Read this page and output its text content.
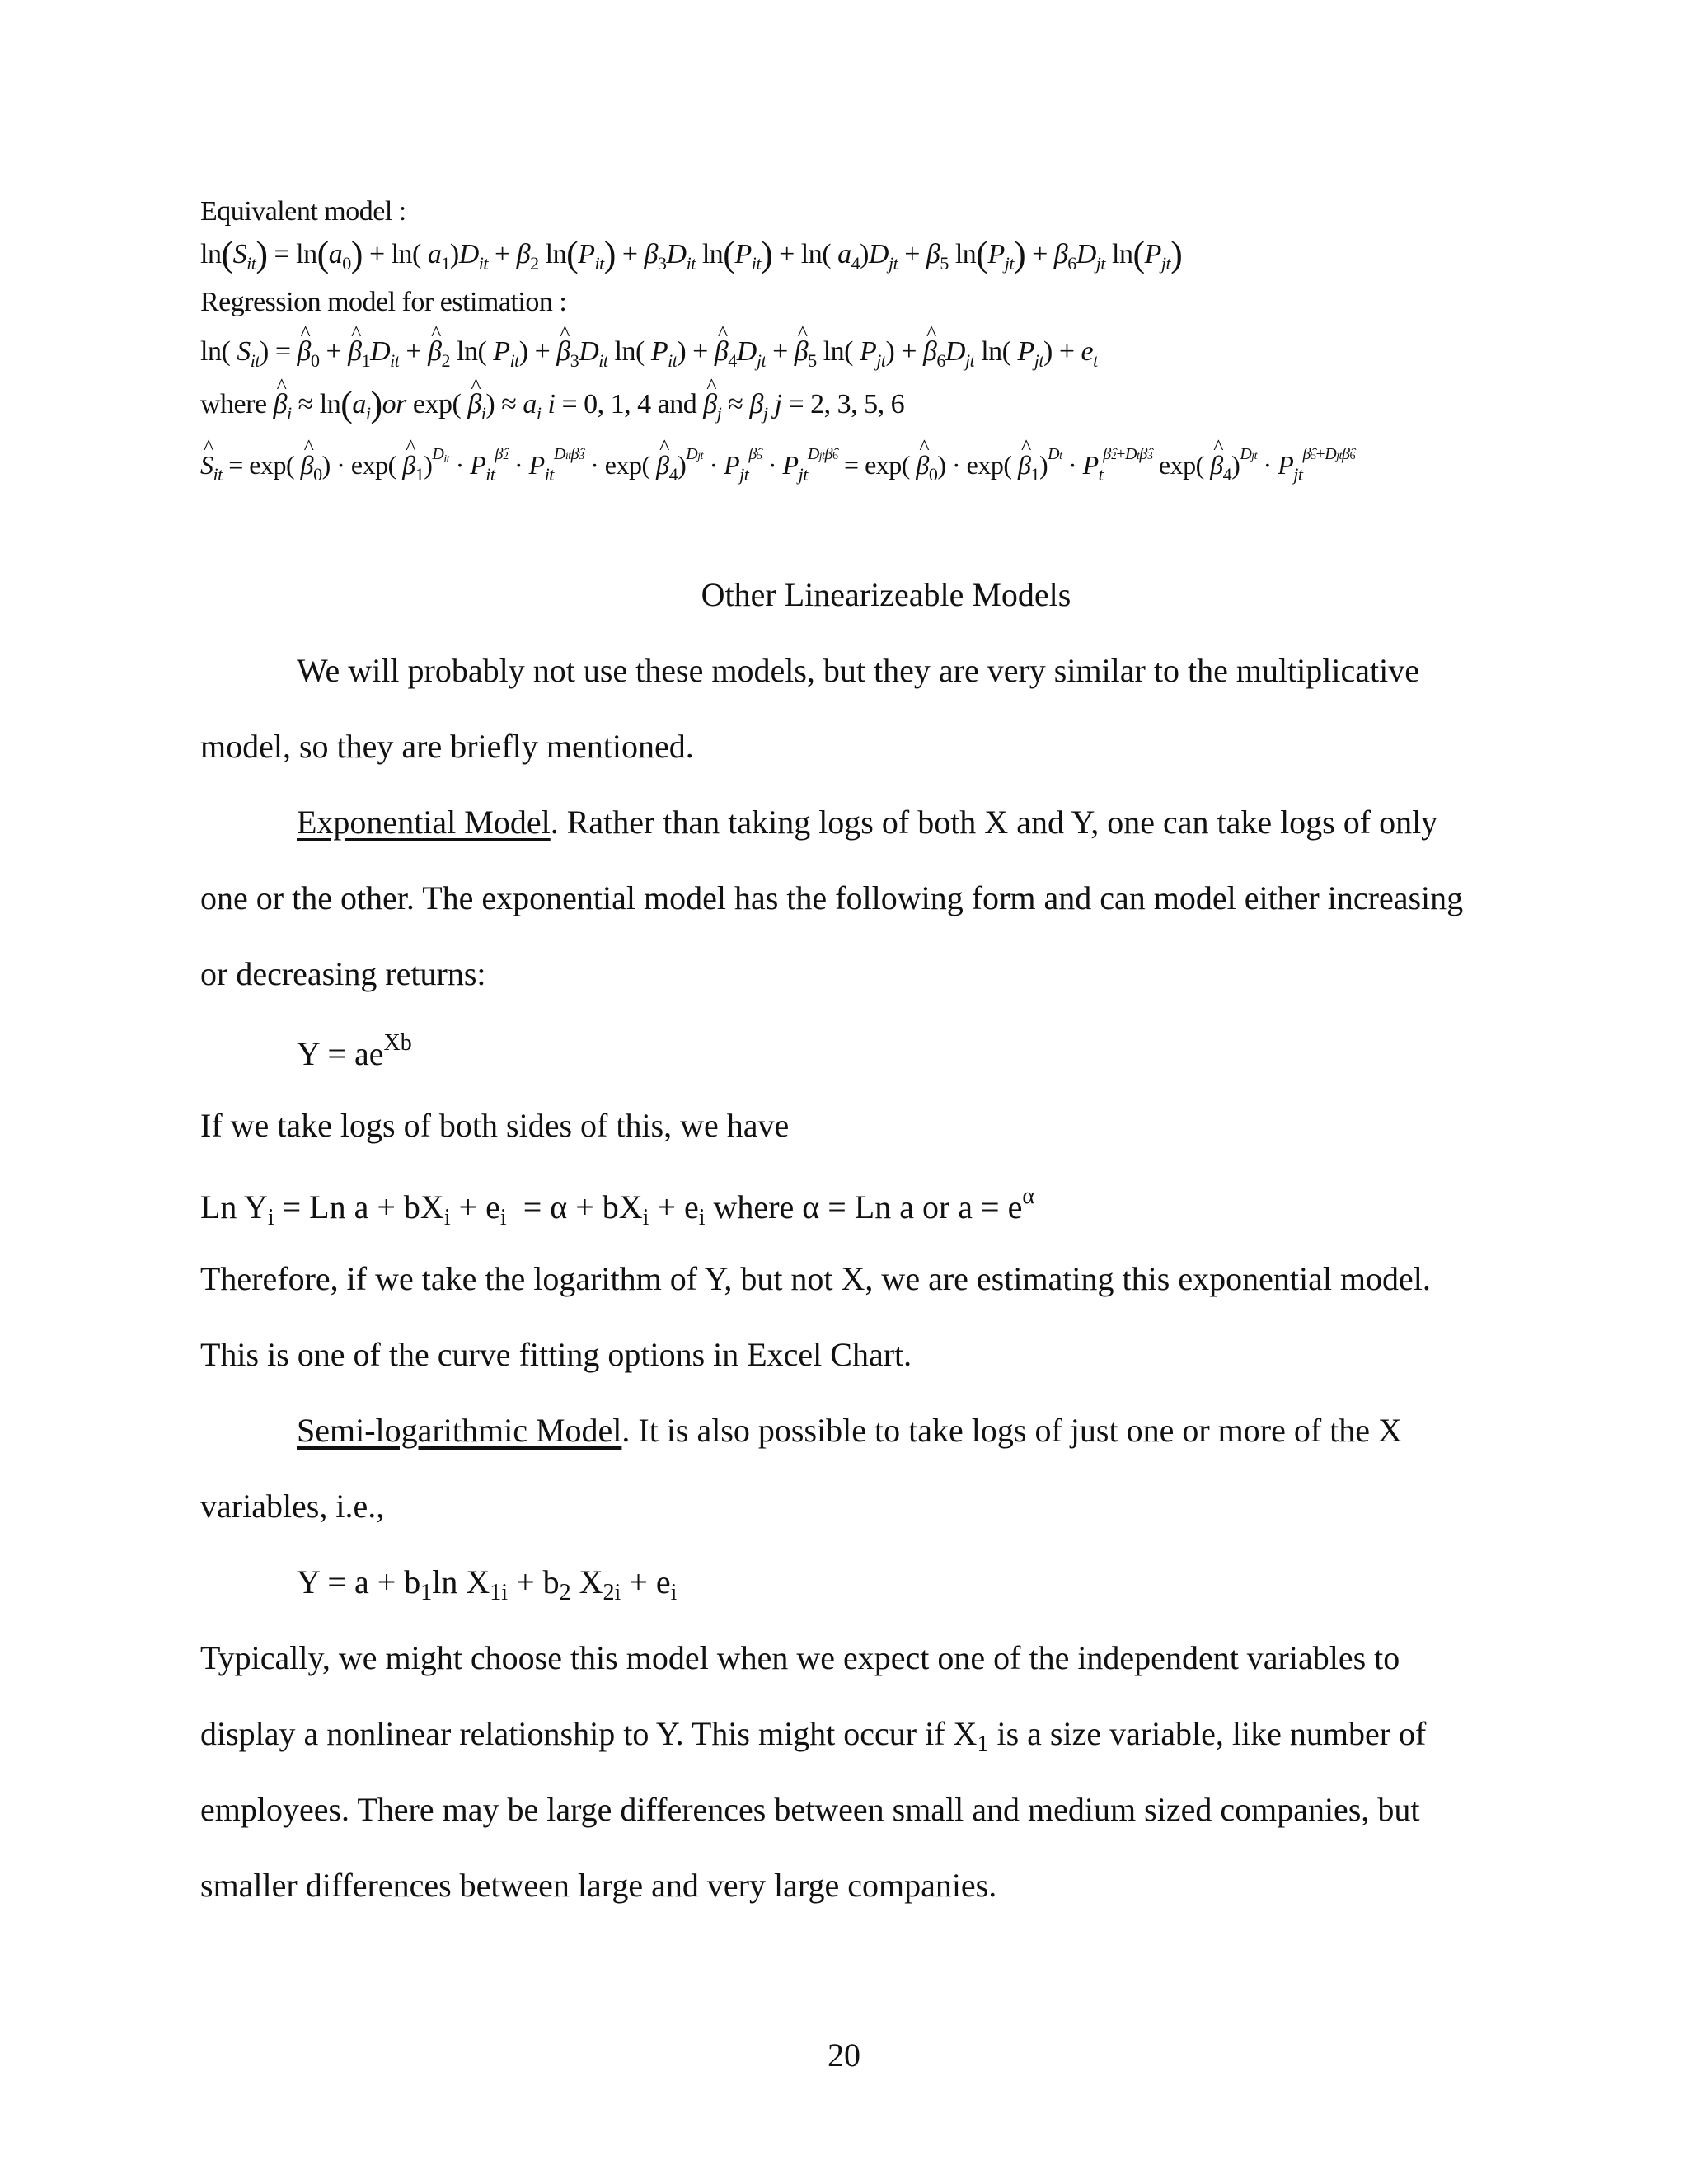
Equivalent model :
$\ln(S_{it}) = \ln(a_0) + \ln$( $a_1)D_{it} + \beta_2$ $\ln(P_{it}) + \beta_3D_{it}$ $\ln(P_{it}) + \ln$( $a_4)D_{jt} + \beta_5$ $\ln(P_{jt}) + \beta_6D_{jt}$ $\ln(P_{jt})$
Regression model for estimation :
ln( $S_{it}$) = ^ $\beta_0$ + ^ $\beta_1D_{it}$ + ^ $\beta_2$ ln( $P_{it}$) + ^ $\beta_3D_{it}$ ln( $P_{it}$) + ^ $\beta_4D_{jt}$ + ^ $\beta_5$ ln( $P_{jt}$) + ^ $\beta_6D_{jt}$ ln( $P_{jt}) + e_t$
where ^ $\beta_i \approx \ln(a_i)or$ exp( ^ $\beta_i) \approx a_i$ i = 0, 1, 4 and ^ $\beta_j \approx \beta_j$ j = 2, 3, 5, 6
^ $S_{it} = \exp$( ^ $\beta_0) \cdot \exp$( ^ $\beta_1)^{D_{it}} \cdot P_{it}^{\betâ2} \cdot P_{it}^{Dit\betâ3} \cdot \exp$( ^ $\beta_4)^{Djt} \cdot P_{jt}^{\betâ5} \cdot P_{jt}^{Djt\betâ6} = \exp$( ^ $\beta_0) \cdot \exp$( ^ $\beta_1)^{Dt} \cdot P_t^{\betâ2+Dt\betâ3}$ exp( ^ $\beta_4)^{Djt} \cdot P_{jt}^{\betâ5+Djt\betâ6}$
Other Linearizeable Models
We will probably not use these models, but they are very similar to the multiplicative
model, so they are briefly mentioned.
Exponential Model. Rather than taking logs of both X and Y, one can take logs of only
one or the other. The exponential model has the following form and can model either increasing
or decreasing returns:
$Y = ae^{Xb}$
If we take logs of both sides of this, we have
Ln $Y_i = Ln$ $a + bX_i + e_i = \alpha + bX_i + e_i$ where α = Ln a or $a = e^\alpha$
Therefore, if we take the logarithm of Y, but not X, we are estimating this exponential model.
This is one of the curve fitting options in Excel Chart.
Semi-logarithmic Model. It is also possible to take logs of just one or more of the X
variables, i.e.,
$Y = a + b_1\ln$ $X_{1i} + b_2$ $X_{2i} + e_i$
Typically, we might choose this model when we expect one of the independent variables to
display a nonlinear relationship to Y. This might occur if $X_1$ is a size variable, like number of
employees. There may be large differences between small and medium sized companies, but
smaller differences between large and very large companies.
20
